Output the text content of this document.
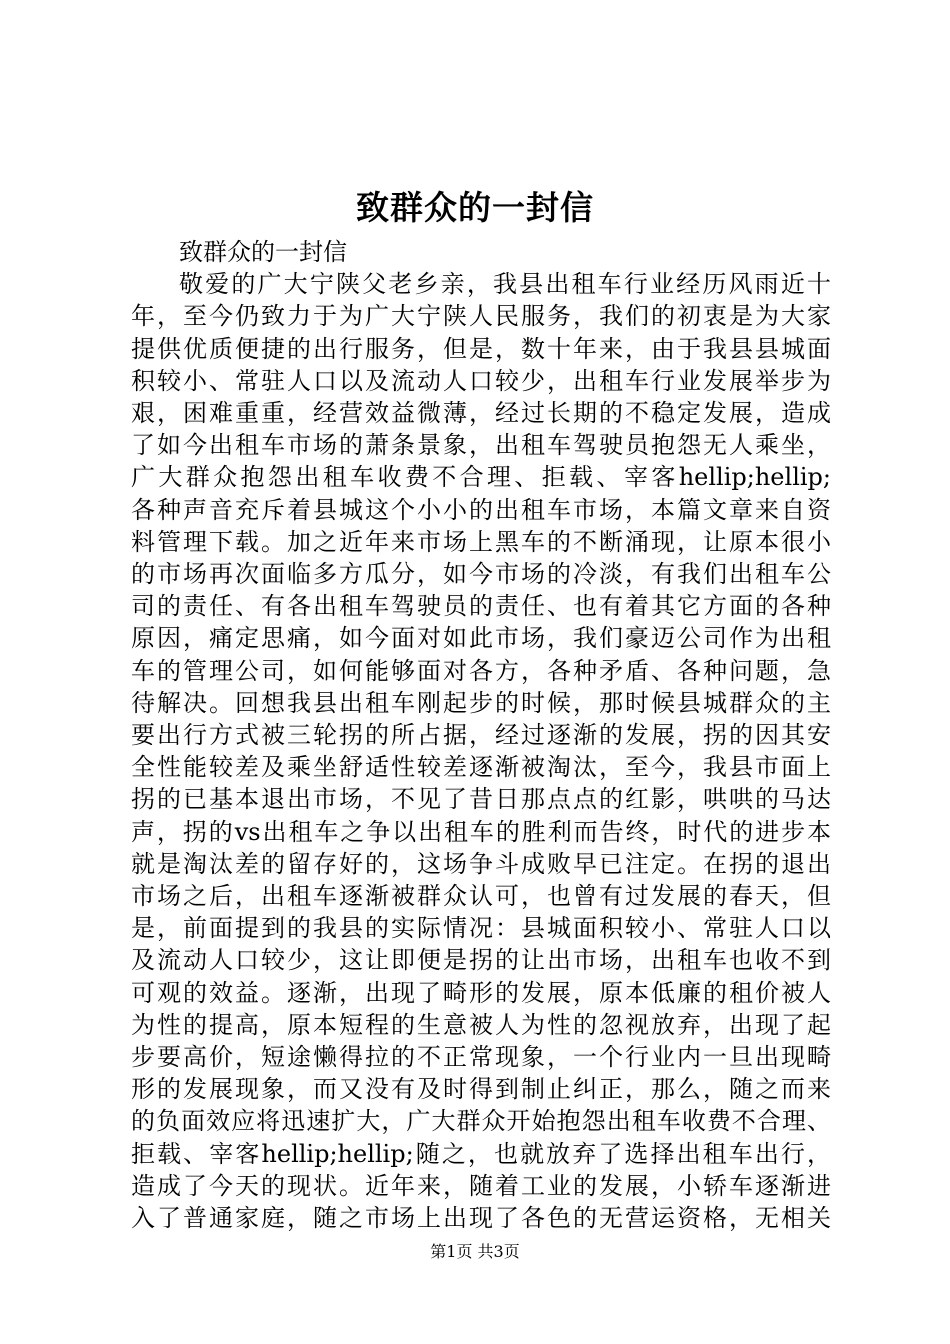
致群众的一封信
致群众的一封信
敬爱的广大宁陕父老乡亲，我县出租车行业经历风雨近十
年，至今仍致力于为广大宁陕人民服务，我们的初衷是为大家
提供优质便捷的出行服务，但是，数十年来，由于我县县城面
积较小、常驻人口以及流动人口较少，出租车行业发展举步为
艰，困难重重，经营效益微薄，经过长期的不稳定发展，造成
了如今出租车市场的萧条景象，出租车驾驶员抱怨无人乘坐，
广大群众抱怨出租车收费不合理、拒载、宰客hellip;hellip;
各种声音充斥着县城这个小小的出租车市场，本篇文章来自资
料管理下载。加之近年来市场上黑车的不断涌现，让原本很小
的市场再次面临多方瓜分，如今市场的冷淡，有我们出租车公
司的责任、有各出租车驾驶员的责任、也有着其它方面的各种
原因，痛定思痛，如今面对如此市场，我们豪迈公司作为出租
车的管理公司，如何能够面对各方，各种矛盾、各种问题，急
待解决。回想我县出租车刚起步的时候，那时候县城群众的主
要出行方式被三轮拐的所占据，经过逐渐的发展，拐的因其安
全性能较差及乘坐舒适性较差逐渐被淘汰，至今，我县市面上
拐的已基本退出市场，不见了昔日那点点的红影，哄哄的马达
声，拐的vs出租车之争以出租车的胜利而告终，时代的进步本
就是淘汰差的留存好的，这场争斗成败早已注定。在拐的退出
市场之后，出租车逐渐被群众认可，也曾有过发展的春天，但
是，前面提到的我县的实际情况：县城面积较小、常驻人口以
及流动人口较少，这让即便是拐的让出市场，出租车也收不到
可观的效益。逐渐，出现了畸形的发展，原本低廉的租价被人
为性的提高，原本短程的生意被人为性的忽视放弃，出现了起
步要高价，短途懒得拉的不正常现象，一个行业内一旦出现畸
形的发展现象，而又没有及时得到制止纠正，那么，随之而来
的负面效应将迅速扩大，广大群众开始抱怨出租车收费不合理、
拒载、宰客hellip;hellip;随之，也就放弃了选择出租车出行，
造成了今天的现状。近年来，随着工业的发展，小轿车逐渐进
入了普通家庭，随之市场上出现了各色的无营运资格，无相关
第1页 共3页
